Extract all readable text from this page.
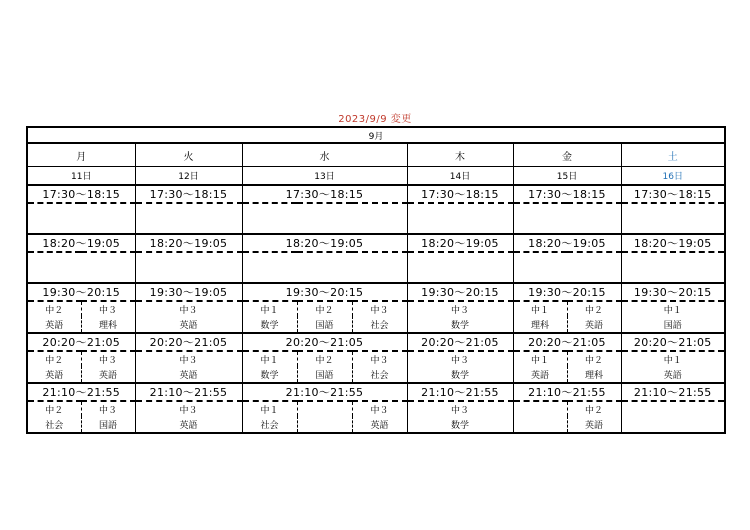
2023/9/9 変更
9月									
月		火	水			木	金		土
11日		12日	13日			14日	15日		16日
17:30～18:15		17:30～18:15	17:30～18:15			17:30～18:15	17:30～18:15		17:30～18:15

18:20～19:05		18:20～19:05	18:20～19:05			18:20～19:05	18:20～19:05		18:20～19:05

19:30～20:15		19:30～19:05	19:30～20:15			19:30～20:15	19:30～20:15		19:30～20:15
中２	中３	中３	中１	中２	中３	中３	中１	中２	中１
英語	理科	英語	数学	国語	社会	数学	理科	英語	国語
20:20～21:05		20:20～21:05	20:20～21:05			20:20～21:05	20:20～21:05		20:20～21:05
中２	中３	中３	中１	中２	中３	中３	中１	中２	中１
英語	英語	英語	数学	国語	社会	数学	英語	理科	英語
21:10～21:55		21:10～21:55	21:10～21:55			21:10～21:55	21:10～21:55		21:10～21:55
中２	中３	中３	中１		中３	中３		中２	
社会	国語	英語	社会		英語	数学		英語	
